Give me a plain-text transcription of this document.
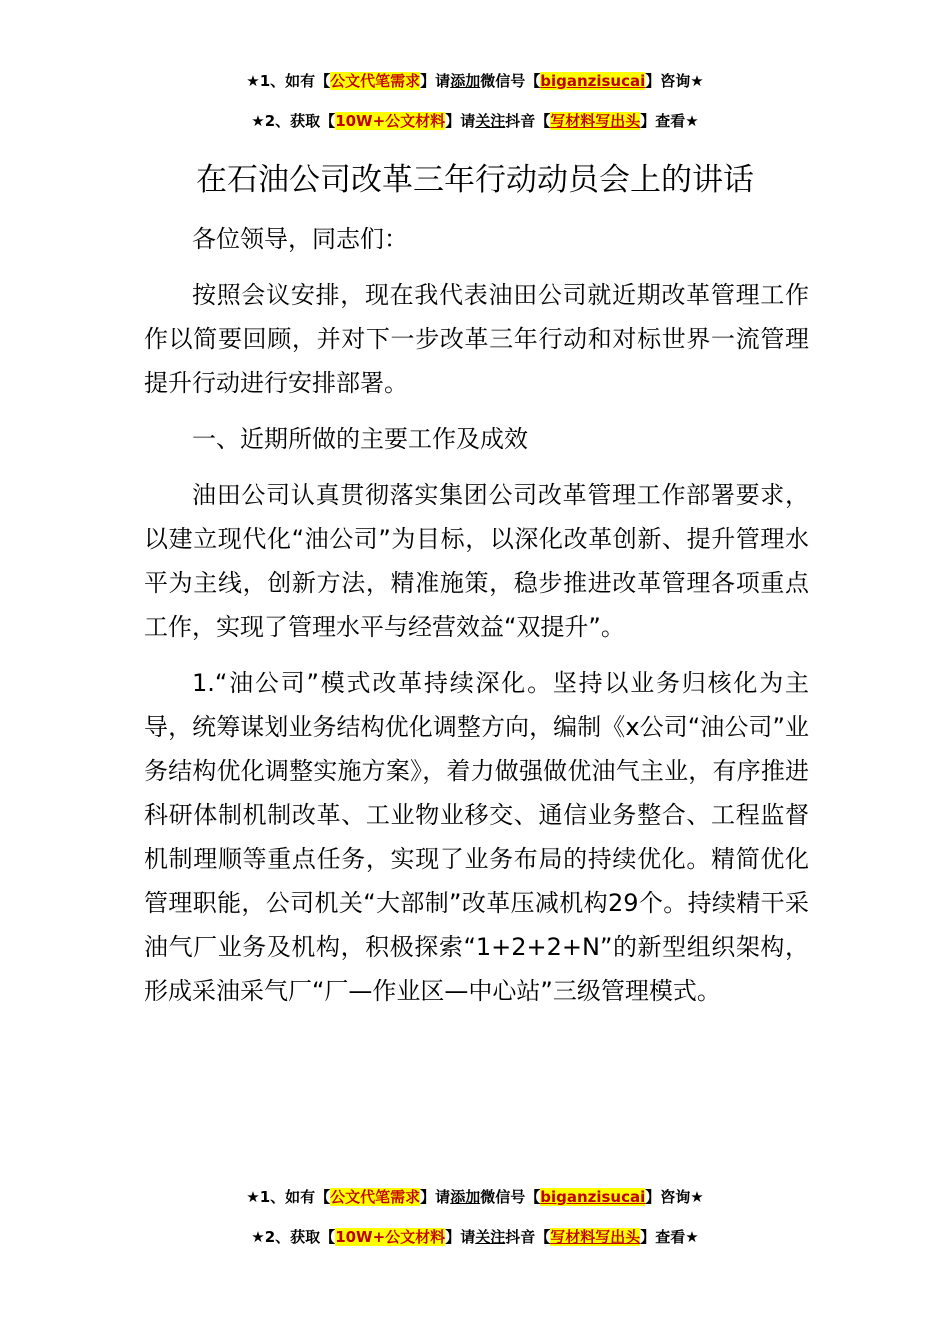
★1、如有【公文代笔需求】请添加微信号【biganzisucai】咨询★
★2、获取【10W+公文材料】请关注抖音【写材料写出头】查看★
在石油公司改革三年行动动员会上的讲话

各位领导，同志们：

按照会议安排，现在我代表油田公司就近期改革管理工作作以简要回顾，并对下一步改革三年行动和对标世界一流管理提升行动进行安排部署。

一、近期所做的主要工作及成效

油田公司认真贯彻落实集团公司改革管理工作部署要求，以建立现代化“油公司”为目标，以深化改革创新、提升管理水平为主线，创新方法，精准施策，稳步推进改革管理各项重点工作，实现了管理水平与经营效益“双提升”。

1.“油公司”模式改革持续深化。坚持以业务归核化为主导，统筹谋划业务结构优化调整方向，编制《x公司“油公司”业务结构优化调整实施方案》，着力做强做优油气主业，有序推进科研体制机制改革、工业物业移交、通信业务整合、工程监督机制理顺等重点任务，实现了业务布局的持续优化。精简优化管理职能，公司机关“大部制”改革压减机构29个。持续精干采油气厂业务及机构，积极探索“1+2+2+N”的新型组织架构，形成采油采气厂“厂—作业区—中心站”三级管理模式。

★1、如有【公文代笔需求】请添加微信号【biganzisucai】咨询★
★2、获取【10W+公文材料】请关注抖音【写材料写出头】查看★
